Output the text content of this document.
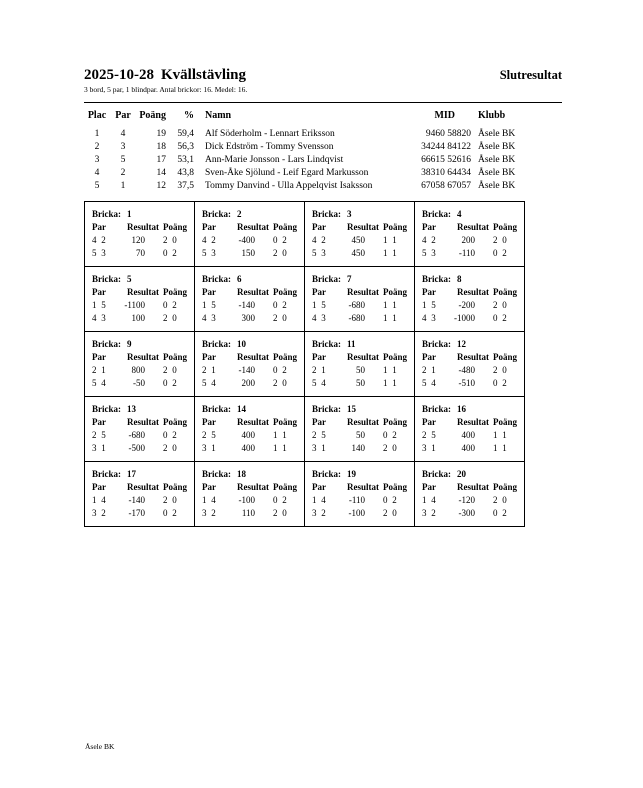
2025-10-28 Kvällstävling	Slutresultat
3 bord, 5 par, 1 blindpar. Antal brickor: 16. Medel: 16.
Plac	Par	Poäng	%	Namn	MID	Klubb
1	4	19	59,4	Alf Söderholm - Lennart Eriksson	9460 58820	Åsele BK
2	3	18	56,3	Dick Edström - Tommy Svensson	34244 84122	Åsele BK
3	5	17	53,1	Ann-Marie Jonsson - Lars Lindqvist	66615 52616	Åsele BK
4	2	14	43,8	Sven-Åke Sjölund - Leif Egard Markusson	38310 64434	Åsele BK
5	1	12	37,5	Tommy Danvind - Ulla Appelqvist Isaksson	67058 67057	Åsele BK
Bricka: 1
Par	Resultat Poäng
4 2	120	2 0
5 3	70	0 2
Bricka: 2
Par	Resultat Poäng
4 2	-400	0 2
5 3	150	2 0
Bricka: 3
Par	Resultat Poäng
4 2	450	1 1
5 3	450	1 1
Bricka: 4
Par	Resultat Poäng
4 2	200	2 0
5 3	-110	0 2
Bricka: 5
Par	Resultat Poäng
1 5	-1100	0 2
4 3	100	2 0
Bricka: 6
Par	Resultat Poäng
1 5	-140	0 2
4 3	300	2 0
Bricka: 7
Par	Resultat Poäng
1 5	-680	1 1
4 3	-680	1 1
Bricka: 8
Par	Resultat Poäng
1 5	-200	2 0
4 3	-1000	0 2
Bricka: 9
Par	Resultat Poäng
2 1	800	2 0
5 4	-50	0 2
Bricka: 10
Par	Resultat Poäng
2 1	-140	0 2
5 4	200	2 0
Bricka: 11
Par	Resultat Poäng
2 1	50	1 1
5 4	50	1 1
Bricka: 12
Par	Resultat Poäng
2 1	-480	2 0
5 4	-510	0 2
Bricka: 13
Par	Resultat Poäng
2 5	-680	0 2
3 1	-500	2 0
Bricka: 14
Par	Resultat Poäng
2 5	400	1 1
3 1	400	1 1
Bricka: 15
Par	Resultat Poäng
2 5	50	0 2
3 1	140	2 0
Bricka: 16
Par	Resultat Poäng
2 5	400	1 1
3 1	400	1 1
Bricka: 17
Par	Resultat Poäng
1 4	-140	2 0
3 2	-170	0 2
Bricka: 18
Par	Resultat Poäng
1 4	-100	0 2
3 2	110	2 0
Bricka: 19
Par	Resultat Poäng
1 4	-110	0 2
3 2	-100	2 0
Bricka: 20
Par	Resultat Poäng
1 4	-120	2 0
3 2	-300	0 2
Åsele BK
